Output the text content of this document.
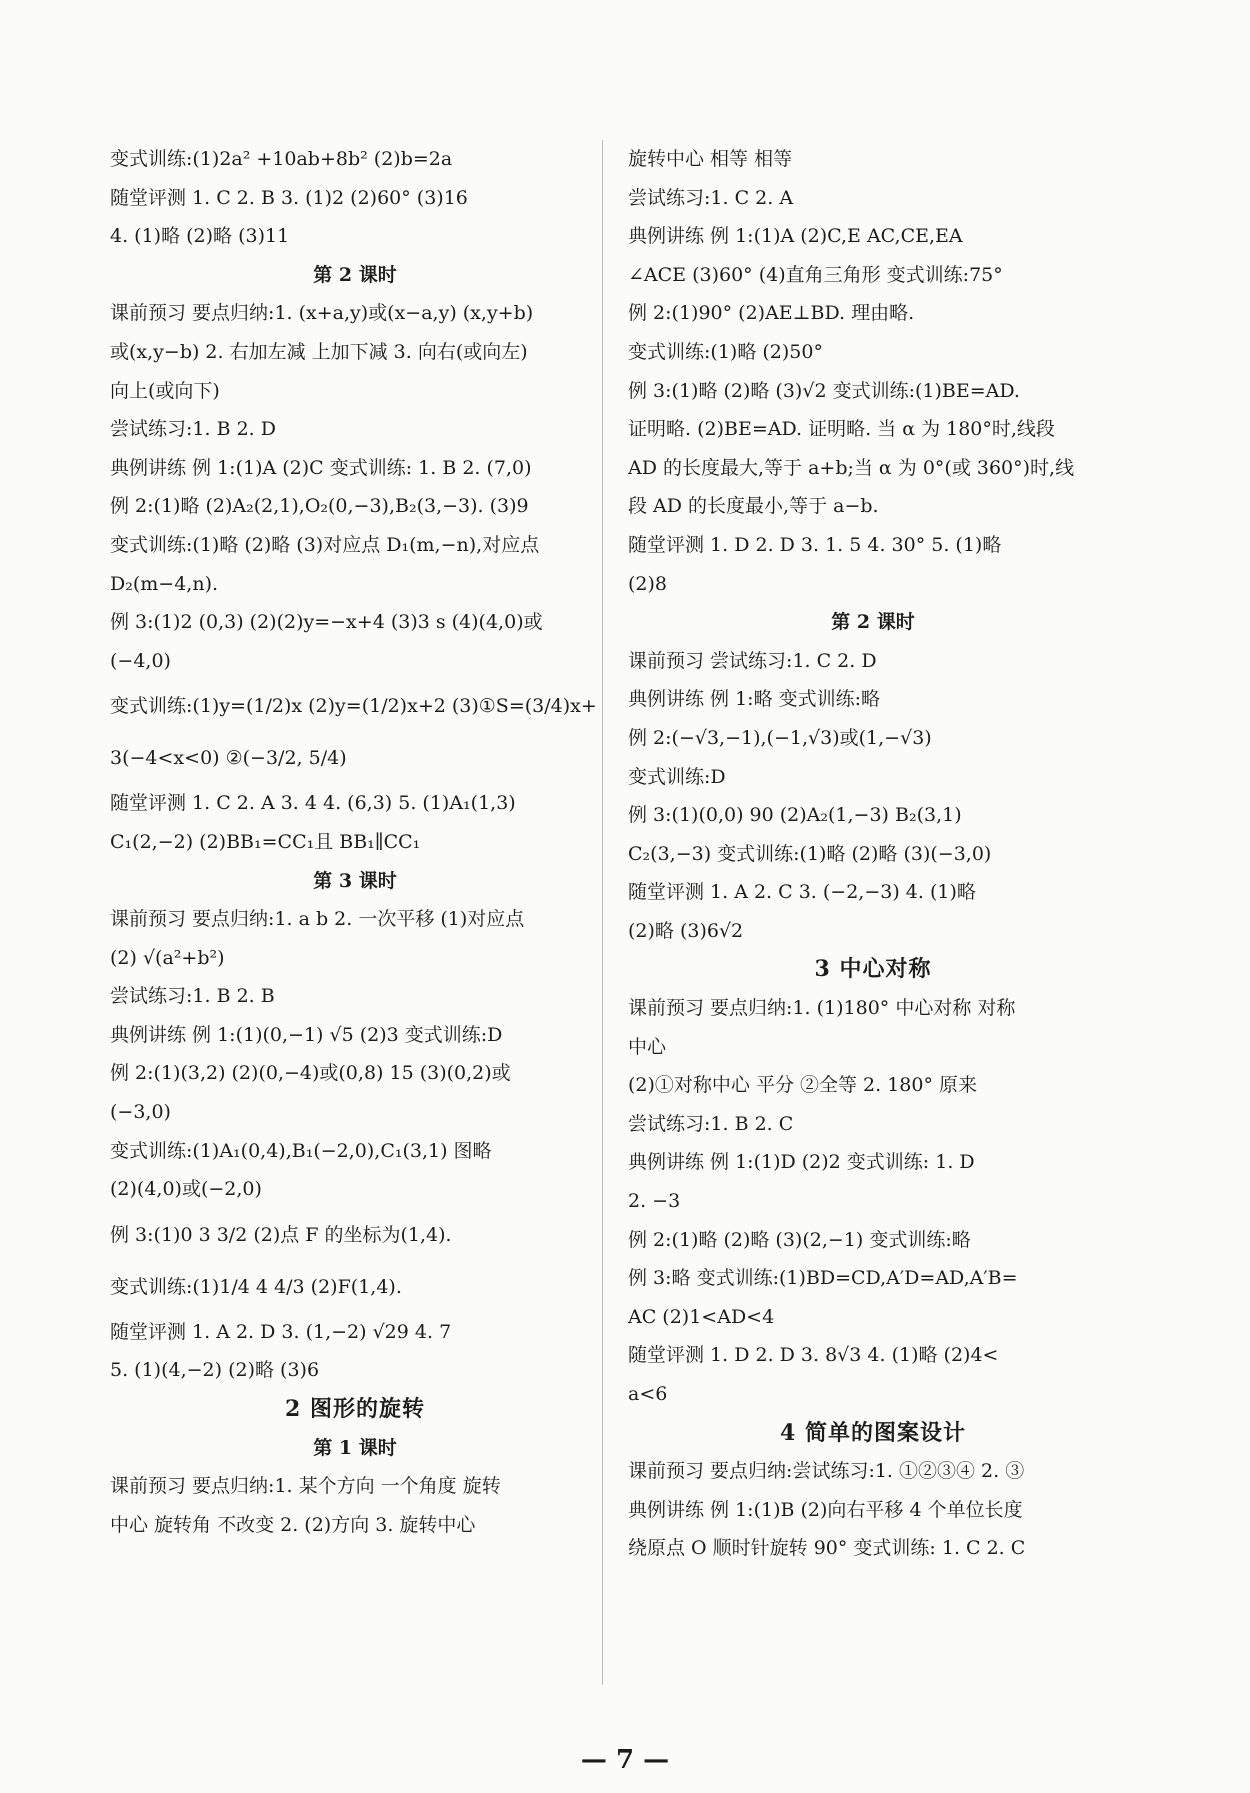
变式训练:(1)2a² +10ab+8b² (2)b=2a
随堂评测 1. C 2. B 3. (1)2 (2)60° (3)16
4. (1)略 (2)略 (3)11
第 2 课时
课前预习 要点归纳:1. (x+a,y)或(x−a,y) (x,y+b)
或(x,y−b) 2. 右加左减 上加下减 3. 向右(或向左)
向上(或向下)
尝试练习:1. B 2. D
典例讲练 例 1:(1)A (2)C 变式训练: 1. B 2. (7,0)
例 2:(1)略 (2)A₂(2,1),O₂(0,−3),B₂(3,−3). (3)9
变式训练:(1)略 (2)略 (3)对应点 D₁(m,−n),对应点
D₂(m−4,n).
例 3:(1)2 (0,3) (2)(2)y=−x+4 (3)3 s (4)(4,0)或
(−4,0)
变式训练:(1)y=(1/2)x (2)y=(1/2)x+2 (3)①S=(3/4)x+
3(−4<x<0) ②(−3/2, 5/4)
随堂评测 1. C 2. A 3. 4 4. (6,3) 5. (1)A₁(1,3)
C₁(2,−2) (2)BB₁=CC₁且 BB₁∥CC₁
第 3 课时
课前预习 要点归纳:1. a b 2. 一次平移 (1)对应点
(2) √(a²+b²)
尝试练习:1. B 2. B
典例讲练 例 1:(1)(0,−1) √5 (2)3 变式训练:D
例 2:(1)(3,2) (2)(0,−4)或(0,8) 15 (3)(0,2)或
(−3,0)
变式训练:(1)A₁(0,4),B₁(−2,0),C₁(3,1) 图略
(2)(4,0)或(−2,0)
例 3:(1)0 3 3/2 (2)点 F 的坐标为(1,4).
变式训练:(1)1/4 4 4/3 (2)F(1,4).
随堂评测 1. A 2. D 3. (1,−2) √29 4. 7
5. (1)(4,−2) (2)略 (3)6
2 图形的旋转
第 1 课时
课前预习 要点归纳:1. 某个方向 一个角度 旋转
中心 旋转角 不改变 2. (2)方向 3. 旋转中心
旋转中心 相等 相等
尝试练习:1. C 2. A
典例讲练 例 1:(1)A (2)C,E AC,CE,EA
∠ACE (3)60° (4)直角三角形 变式训练:75°
例 2:(1)90° (2)AE⊥BD. 理由略.
变式训练:(1)略 (2)50°
例 3:(1)略 (2)略 (3)√2 变式训练:(1)BE=AD.
证明略. (2)BE=AD. 证明略. 当 α 为 180°时,线段
AD 的长度最大,等于 a+b;当 α 为 0°(或 360°)时,线
段 AD 的长度最小,等于 a−b.
随堂评测 1. D 2. D 3. 1. 5 4. 30° 5. (1)略
(2)8
第 2 课时
课前预习 尝试练习:1. C 2. D
典例讲练 例 1:略 变式训练:略
例 2:(−√3,−1),(−1,√3)或(1,−√3)
变式训练:D
例 3:(1)(0,0) 90 (2)A₂(1,−3) B₂(3,1)
C₂(3,−3) 变式训练:(1)略 (2)略 (3)(−3,0)
随堂评测 1. A 2. C 3. (−2,−3) 4. (1)略
(2)略 (3)6√2
3 中心对称
课前预习 要点归纳:1. (1)180° 中心对称 对称
中心
(2)①对称中心 平分 ②全等 2. 180° 原来
尝试练习:1. B 2. C
典例讲练 例 1:(1)D (2)2 变式训练: 1. D
2. −3
例 2:(1)略 (2)略 (3)(2,−1) 变式训练:略
例 3:略 变式训练:(1)BD=CD,A′D=AD,A′B=
AC (2)1<AD<4
随堂评测 1. D 2. D 3. 8√3 4. (1)略 (2)4<
a<6
4 简单的图案设计
课前预习 要点归纳:尝试练习:1. ①②③④ 2. ③
典例讲练 例 1:(1)B (2)向右平移 4 个单位长度
绕原点 O 顺时针旋转 90° 变式训练: 1. C 2. C
— 7 —
